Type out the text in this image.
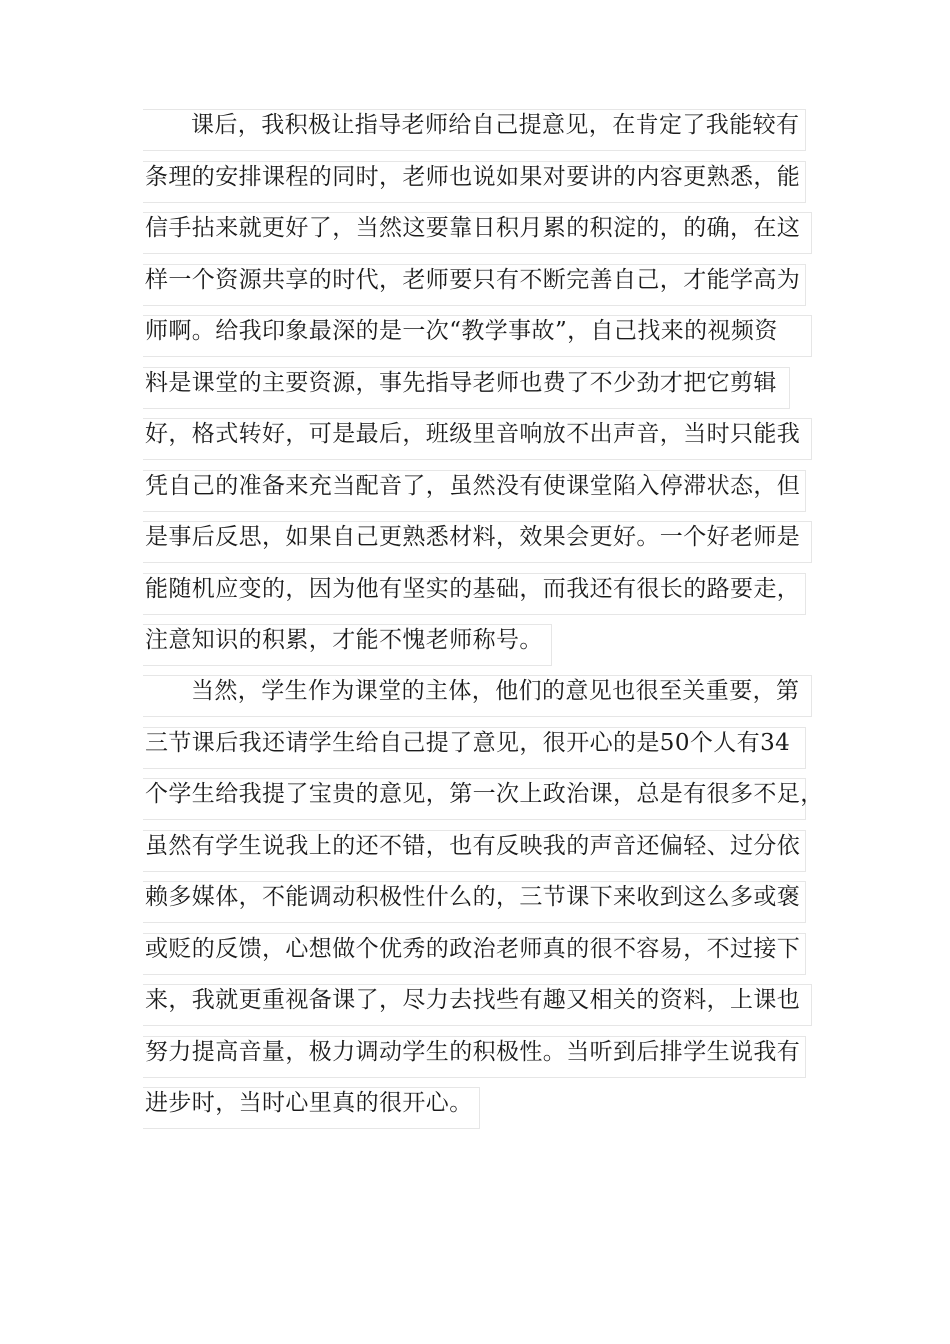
课后，我积极让指导老师给自己提意见，在肯定了我能较有
条理的安排课程的同时，老师也说如果对要讲的内容更熟悉，能
信手拈来就更好了，当然这要靠日积月累的积淀的，的确，在这
样一个资源共享的时代，老师要只有不断完善自己，才能学高为
师啊。给我印象最深的是一次“教学事故”，自己找来的视频资
料是课堂的主要资源，事先指导老师也费了不少劲才把它剪辑
好，格式转好，可是最后，班级里音响放不出声音，当时只能我
凭自己的准备来充当配音了，虽然没有使课堂陷入停滞状态，但
是事后反思，如果自己更熟悉材料，效果会更好。一个好老师是
能随机应变的，因为他有坚实的基础，而我还有很长的路要走，
注意知识的积累，才能不愧老师称号。
当然，学生作为课堂的主体，他们的意见也很至关重要，第
三节课后我还请学生给自己提了意见，很开心的是50个人有34
个学生给我提了宝贵的意见，第一次上政治课，总是有很多不足，
虽然有学生说我上的还不错，也有反映我的声音还偏轻、过分依
赖多媒体，不能调动积极性什么的，三节课下来收到这么多或褒
或贬的反馈，心想做个优秀的政治老师真的很不容易，不过接下
来，我就更重视备课了，尽力去找些有趣又相关的资料，上课也
努力提高音量，极力调动学生的积极性。当听到后排学生说我有
进步时，当时心里真的很开心。
